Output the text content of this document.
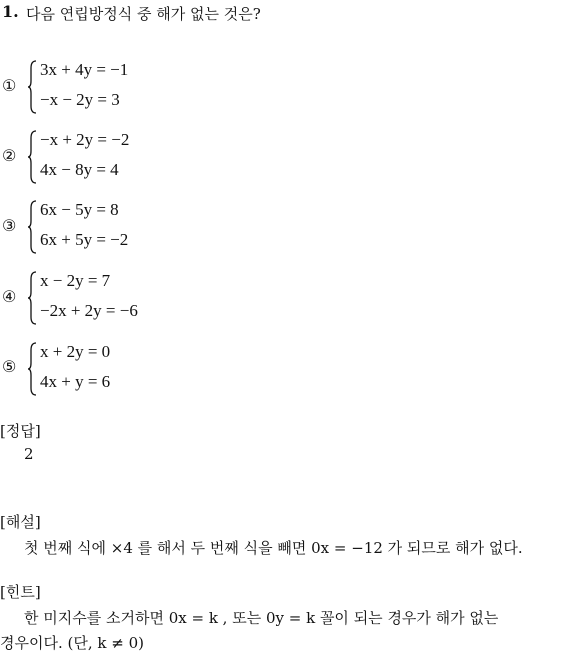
1. 다음 연립방정식 중 해가 없는 것은?
①
3x + 4y = −1
−x − 2y = 3
②
−x + 2y = −2
4x − 8y = 4
③
6x − 5y = 8
6x + 5y = −2
④
x − 2y = 7
−2x + 2y = −6
⑤
x + 2y = 0
4x + y = 6
[정답]
2
[해설]
첫 번째 식에 ×4 를 해서 두 번째 식을 빼면 0x = −12 가 되므로 해가 없다.
[힌트]
한 미지수를 소거하면 0x = k , 또는 0y = k 꼴이 되는 경우가 해가 없는
경우이다. (단, k ≠ 0)
